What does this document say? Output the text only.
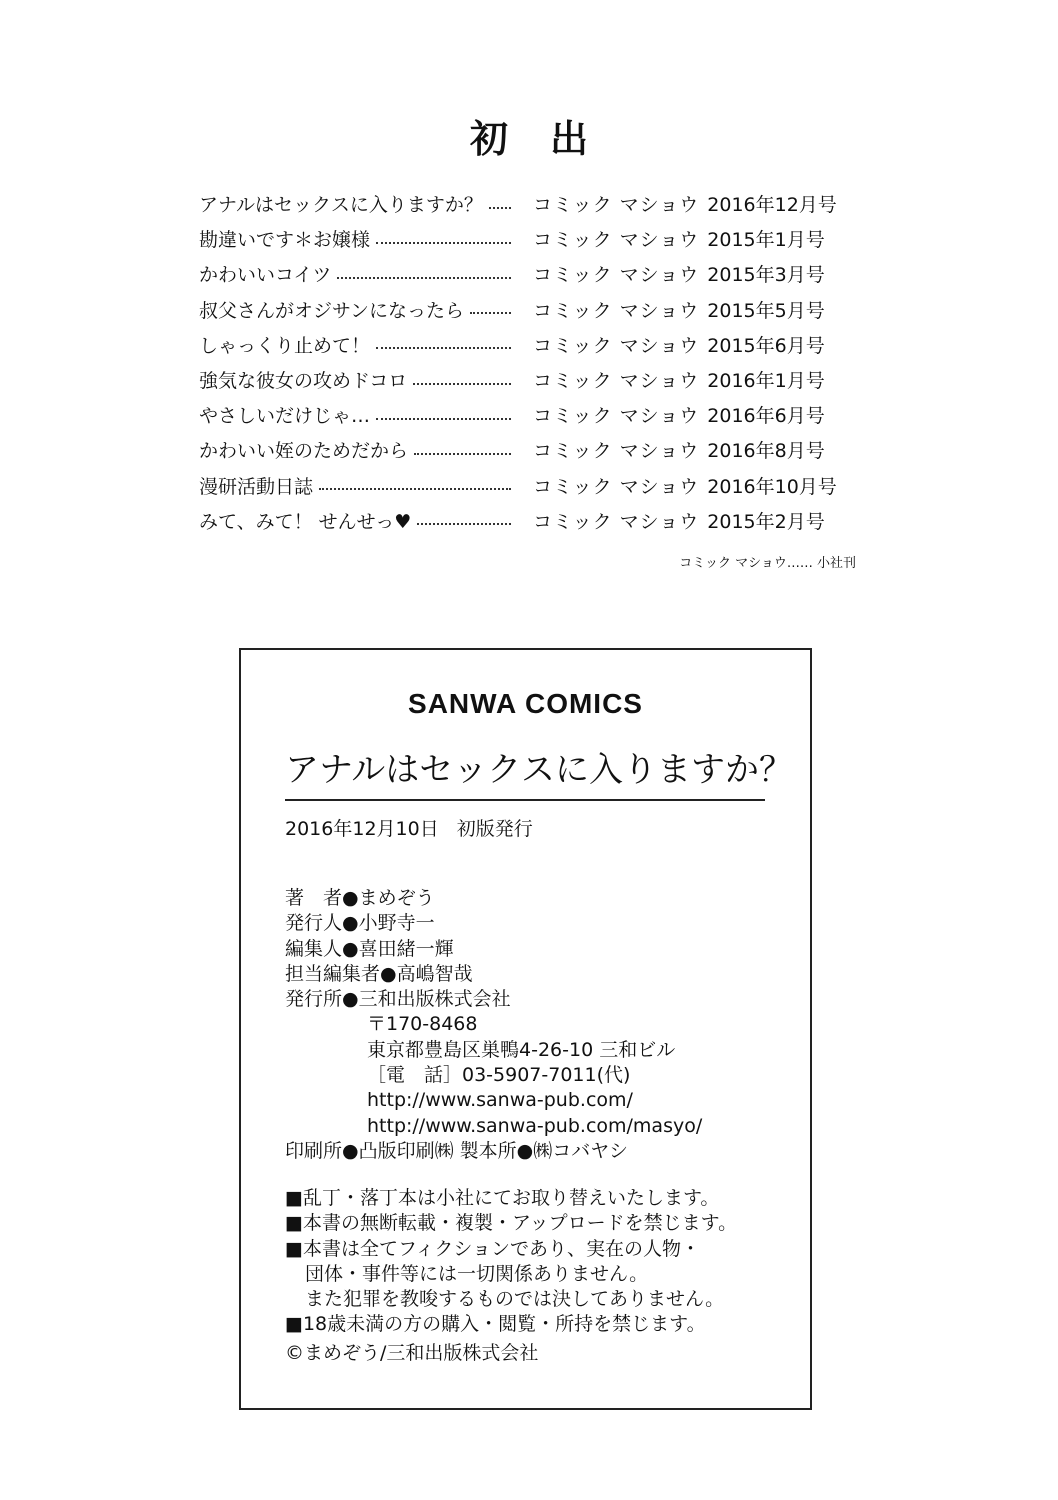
初出
アナルはセックスに入りますか？	コミック マショウ 2016年12月号
勘違いです＊お嬢様	コミック マショウ 2015年1月号
かわいいコイツ	コミック マショウ 2015年3月号
叔父さんがオジサンになったら	コミック マショウ 2015年5月号
しゃっくり止めて！	コミック マショウ 2015年6月号
強気な彼女の攻めドコロ	コミック マショウ 2016年1月号
やさしいだけじゃ…	コミック マショウ 2016年6月号
かわいい姪のためだから	コミック マショウ 2016年8月号
漫研活動日誌	コミック マショウ 2016年10月号
みて、みて！ せんせっ♥	コミック マショウ 2015年2月号
コミック マショウ…… 小社刊
SANWA COMICS
アナルはセックスに入りますか？
2016年12月10日 初版発行
著　者●まめぞう
発行人●小野寺一
編集人●喜田緒一輝
担当編集者●高嶋智哉
発行所●三和出版株式会社
〒170-8468
東京都豊島区巣鴨4-26-10 三和ビル
［電　話］03-5907-7011(代)
http://www.sanwa-pub.com/
http://www.sanwa-pub.com/masyo/
印刷所●凸版印刷㈱ 製本所●㈱コバヤシ
■乱丁・落丁本は小社にてお取り替えいたします。
■本書の無断転載・複製・アップロードを禁じます。
■本書は全てフィクションであり、実在の人物・
団体・事件等には一切関係ありません。
また犯罪を教唆するものでは決してありません。
■18歳未満の方の購入・閲覧・所持を禁じます。
©まめぞう/三和出版株式会社
